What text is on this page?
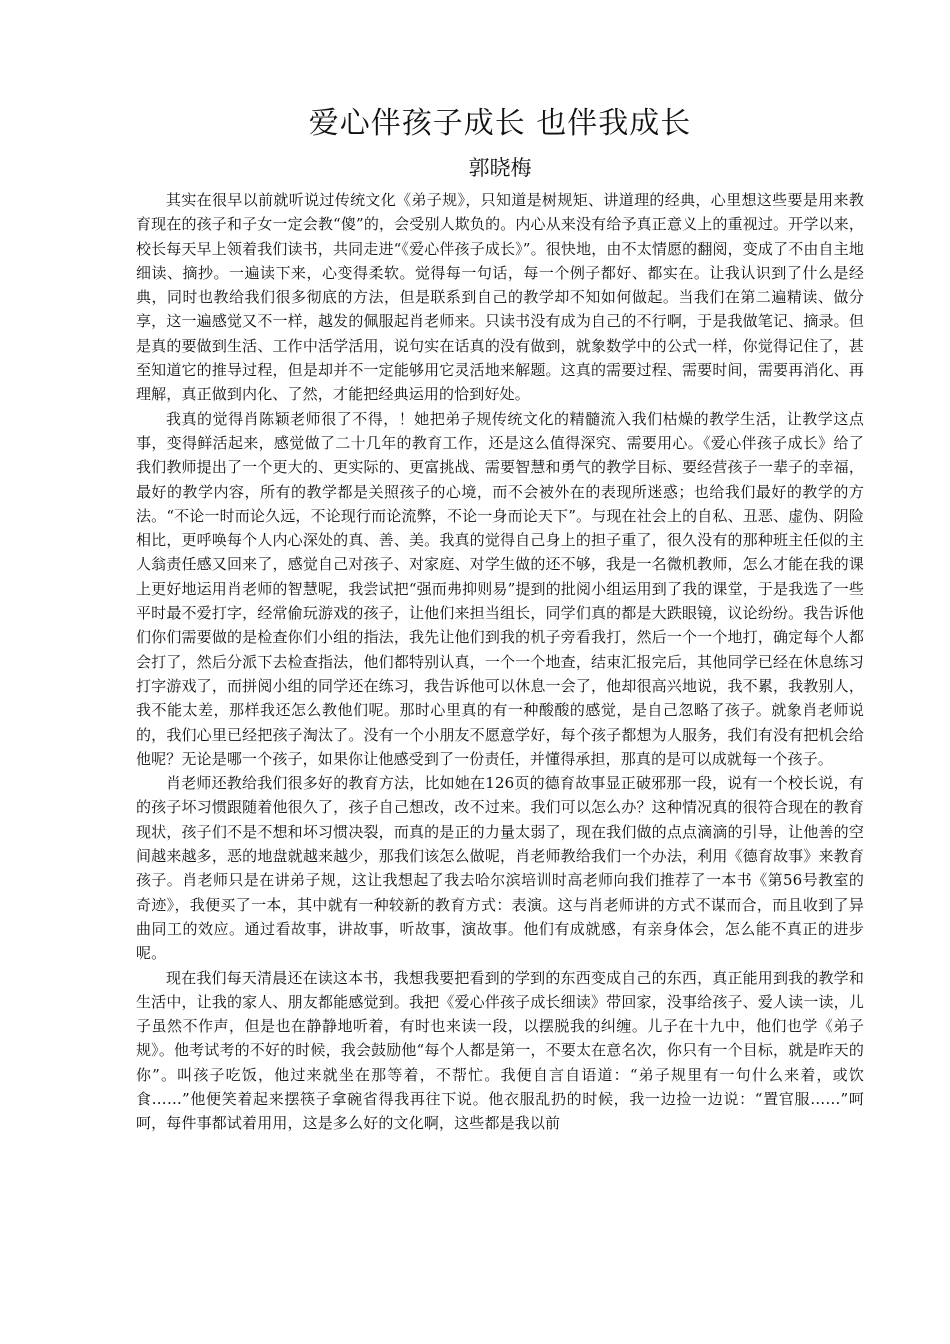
爱心伴孩子成长 也伴我成长
郭晓梅

其实在很早以前就听说过传统文化《弟子规》，只知道是树规矩、讲道理的经典，心里想这些要是用来教育现在的孩子和子女一定会教“傻”的，会受别人欺负的。内心从来没有给予真正意义上的重视过。开学以来，校长每天早上领着我们读书，共同走进“《爱心伴孩子成长》”。很快地，由不太情愿的翻阅，变成了不由自主地细读、摘抄。一遍读下来，心变得柔软。觉得每一句话，每一个例子都好、都实在。让我认识到了什么是经典，同时也教给我们很多彻底的方法，但是联系到自己的教学却不知如何做起。当我们在第二遍精读、做分享，这一遍感觉又不一样，越发的佩服起肖老师来。只读书没有成为自己的不行啊，于是我做笔记、摘录。但是真的要做到生活、工作中活学活用，说句实在话真的没有做到，就象数学中的公式一样，你觉得记住了，甚至知道它的推导过程，但是却并不一定能够用它灵活地来解题。这真的需要过程、需要时间，需要再消化、再理解，真正做到内化、了然，才能把经典运用的恰到好处。

我真的觉得肖陈颖老师很了不得，！她把弟子规传统文化的精髓流入我们枯燥的教学生活，让教学这点事，变得鲜活起来，感觉做了二十几年的教育工作，还是这么值得深究、需要用心。《爱心伴孩子成长》给了我们教师提出了一个更大的、更实际的、更富挑战、需要智慧和勇气的教学目标、要经营孩子一辈子的幸福，最好的教学内容，所有的教学都是关照孩子的心境，而不会被外在的表现所迷惑；也给我们最好的教学的方法。“不论一时而论久远，不论现行而论流弊，不论一身而论天下”。与现在社会上的自私、丑恶、虚伪、阴险相比，更呼唤每个人内心深处的真、善、美。我真的觉得自己身上的担子重了，很久没有的那种班主任似的主人翁责任感又回来了，感觉自己对孩子、对家庭、对学生做的还不够，我是一名微机教师，怎么才能在我的课上更好地运用肖老师的智慧呢，我尝试把“强而弗抑则易”提到的批阅小组运用到了我的课堂，于是我选了一些平时最不爱打字，经常偷玩游戏的孩子，让他们来担当组长，同学们真的都是大跌眼镜，议论纷纷。我告诉他们你们需要做的是检查你们小组的指法，我先让他们到我的机子旁看我打，然后一个一个地打，确定每个人都会打了，然后分派下去检查指法，他们都特别认真，一个一个地查，结束汇报完后，其他同学已经在休息练习打字游戏了，而拼阅小组的同学还在练习，我告诉他可以休息一会了，他却很高兴地说，我不累，我教别人，我不能太差，那样我还怎么教他们呢。那时心里真的有一种酸酸的感觉，是自己忽略了孩子。就象肖老师说的，我们心里已经把孩子淘汰了。没有一个小朋友不愿意学好，每个孩子都想为人服务，我们有没有把机会给他呢？无论是哪一个孩子，如果你让他感受到了一份责任，并懂得承担，那真的是可以成就每一个孩子。

肖老师还教给我们很多好的教育方法，比如她在126页的德育故事显正破邪那一段，说有一个校长说，有的孩子坏习惯跟随着他很久了，孩子自己想改，改不过来。我们可以怎么办？这种情况真的很符合现在的教育现状，孩子们不是不想和坏习惯决裂，而真的是正的力量太弱了，现在我们做的点点滴滴的引导，让他善的空间越来越多，恶的地盘就越来越少，那我们该怎么做呢，肖老师教给我们一个办法，利用《德育故事》来教育孩子。肖老师只是在讲弟子规，这让我想起了我去哈尔滨培训时高老师向我们推荐了一本书《第56号教室的奇迹》，我便买了一本，其中就有一种较新的教育方式：表演。这与肖老师讲的方式不谋而合，而且收到了异曲同工的效应。通过看故事，讲故事，听故事，演故事。他们有成就感，有亲身体会，怎么能不真正的进步呢。

现在我们每天清晨还在读这本书，我想我要把看到的学到的东西变成自己的东西，真正能用到我的教学和生活中，让我的家人、朋友都能感觉到。我把《爱心伴孩子成长细读》带回家，没事给孩子、爱人读一读，儿子虽然不作声，但是也在静静地听着，有时也来读一段，以摆脱我的纠缠。儿子在十九中，他们也学《弟子规》。他考试考的不好的时候，我会鼓励他“每个人都是第一，不要太在意名次，你只有一个目标，就是昨天的你”。叫孩子吃饭，他过来就坐在那等着，不帮忙。我便自言自语道：“弟子规里有一句什么来着，或饮食……”他便笑着起来摆筷子拿碗省得我再往下说。他衣服乱扔的时候，我一边捡一边说：“置官服……”呵呵，每件事都试着用用，这是多么好的文化啊，这些都是我以前
